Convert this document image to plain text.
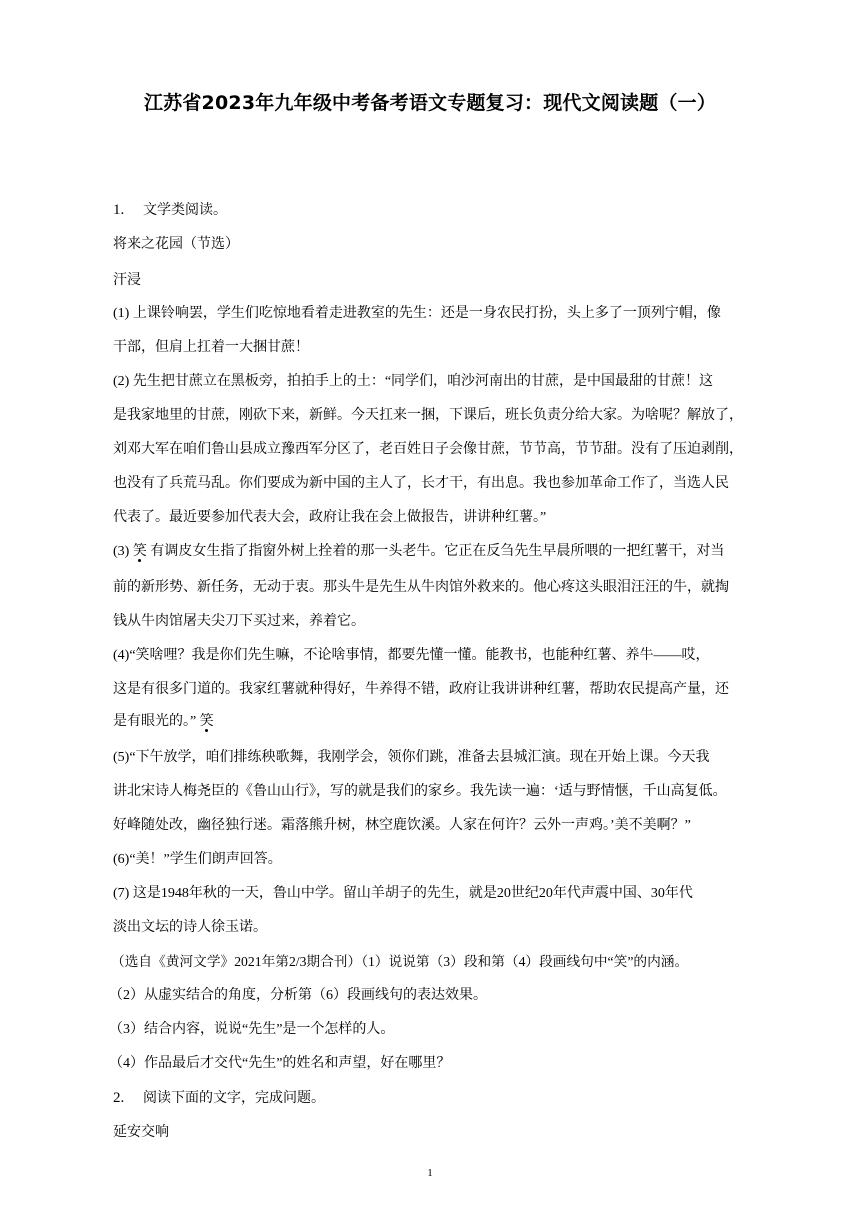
江苏省2023年九年级中考备考语文专题复习：现代文阅读题（一）
1. 文学类阅读。
将来之花园（节选）
汗浸
(1) 上课铃响罢，学生们吃惊地看着走进教室的先生：还是一身农民打扮，头上多了一顶列宁帽，像
干部，但肩上扛着一大捆甘蔗！
(2) 先生把甘蔗立在黑板旁，拍拍手上的土：“同学们，咱沙河南出的甘蔗，是中国最甜的甘蔗！这
是我家地里的甘蔗，刚砍下来，新鲜。今天扛来一捆，下课后，班长负责分给大家。为啥呢？解放了，
刘邓大军在咱们鲁山县成立豫西军分区了，老百姓日子会像甘蔗，节节高，节节甜。没有了压迫剥削，
也没有了兵荒马乱。你们要成为新中国的主人了，长才干，有出息。我也参加革命工作了，当选人民
代表了。最近要参加代表大会，政府让我在会上做报告，讲讲种红薯。”
(3) 笑 有调皮女生指了指窗外树上拴着的那一头老牛。它正在反刍先生早晨所喂的一把红薯干，对当
前的新形势、新任务，无动于衷。那头牛是先生从牛肉馆外救来的。他心疼这头眼泪汪汪的牛，就掏
钱从牛肉馆屠夫尖刀下买过来，养着它。
(4)“笑啥哩？我是你们先生嘛，不论啥事情，都要先懂一懂。能教书，也能种红薯、养牛——哎，
这是有很多门道的。我家红薯就种得好，牛养得不错，政府让我讲讲种红薯，帮助农民提高产量，还
是有眼光的。” 笑
(5)“下午放学，咱们排练秧歌舞，我刚学会，领你们跳，准备去县城汇演。现在开始上课。今天我
讲北宋诗人梅尧臣的《鲁山山行》，写的就是我们的家乡。我先读一遍：‘适与野情惬，千山高复低。
好峰随处改，幽径独行迷。霜落熊升树，林空鹿饮溪。人家在何许？云外一声鸡。’美不美啊？”
(6)“美！”学生们朗声回答。
(7) 这是1948年秋的一天，鲁山中学。留山羊胡子的先生，就是20世纪20年代声震中国、30年代
淡出文坛的诗人徐玉诺。
（选自《黄河文学》2021年第2/3期合刊）（1）说说第（3）段和第（4）段画线句中“笑”的内涵。
（2）从虚实结合的角度，分析第（6）段画线句的表达效果。
（3）结合内容，说说“先生”是一个怎样的人。
（4）作品最后才交代“先生”的姓名和声望，好在哪里？
2. 阅读下面的文字，完成问题。
延安交响
1
